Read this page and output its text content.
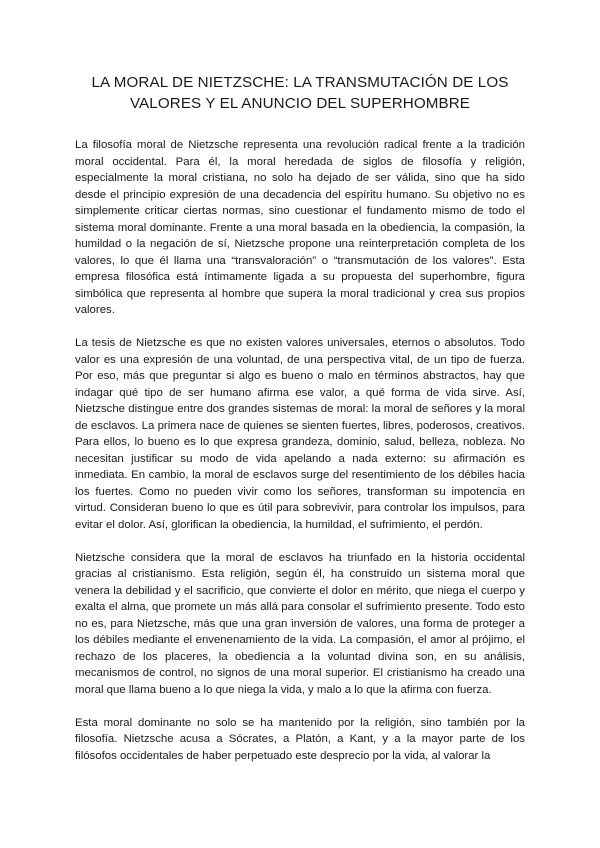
LA MORAL DE NIETZSCHE: LA TRANSMUTACIÓN DE LOS VALORES Y EL ANUNCIO DEL SUPERHOMBRE

La filosofía moral de Nietzsche representa una revolución radical frente a la tradición moral occidental. Para él, la moral heredada de siglos de filosofía y religión, especialmente la moral cristiana, no solo ha dejado de ser válida, sino que ha sido desde el principio expresión de una decadencia del espíritu humano. Su objetivo no es simplemente criticar ciertas normas, sino cuestionar el fundamento mismo de todo el sistema moral dominante. Frente a una moral basada en la obediencia, la compasión, la humildad o la negación de sí, Nietzsche propone una reinterpretación completa de los valores, lo que él llama una “transvaloración” o “transmutación de los valores”. Esta empresa filosófica está íntimamente ligada a su propuesta del superhombre, figura simbólica que representa al hombre que supera la moral tradicional y crea sus propios valores.

La tesis de Nietzsche es que no existen valores universales, eternos o absolutos. Todo valor es una expresión de una voluntad, de una perspectiva vital, de un tipo de fuerza. Por eso, más que preguntar si algo es bueno o malo en términos abstractos, hay que indagar qué tipo de ser humano afirma ese valor, a qué forma de vida sirve. Así, Nietzsche distingue entre dos grandes sistemas de moral: la moral de señores y la moral de esclavos. La primera nace de quienes se sienten fuertes, libres, poderosos, creativos. Para ellos, lo bueno es lo que expresa grandeza, dominio, salud, belleza, nobleza. No necesitan justificar su modo de vida apelando a nada externo: su afirmación es inmediata. En cambio, la moral de esclavos surge del resentimiento de los débiles hacia los fuertes. Como no pueden vivir como los señores, transforman su impotencia en virtud. Consideran bueno lo que es útil para sobrevivir, para controlar los impulsos, para evitar el dolor. Así, glorifican la obediencia, la humildad, el sufrimiento, el perdón.

Nietzsche considera que la moral de esclavos ha triunfado en la historia occidental gracias al cristianismo. Esta religión, según él, ha construido un sistema moral que venera la debilidad y el sacrificio, que convierte el dolor en mérito, que niega el cuerpo y exalta el alma, que promete un más allá para consolar el sufrimiento presente. Todo esto no es, para Nietzsche, más que una gran inversión de valores, una forma de proteger a los débiles mediante el envenenamiento de la vida. La compasión, el amor al prójimo, el rechazo de los placeres, la obediencia a la voluntad divina son, en su análisis, mecanismos de control, no signos de una moral superior. El cristianismo ha creado una moral que llama bueno a lo que niega la vida, y malo a lo que la afirma con fuerza.

Esta moral dominante no solo se ha mantenido por la religión, sino también por la filosofía. Nietzsche acusa a Sócrates, a Platón, a Kant, y a la mayor parte de los filósofos occidentales de haber perpetuado este desprecio por la vida, al valorar la
